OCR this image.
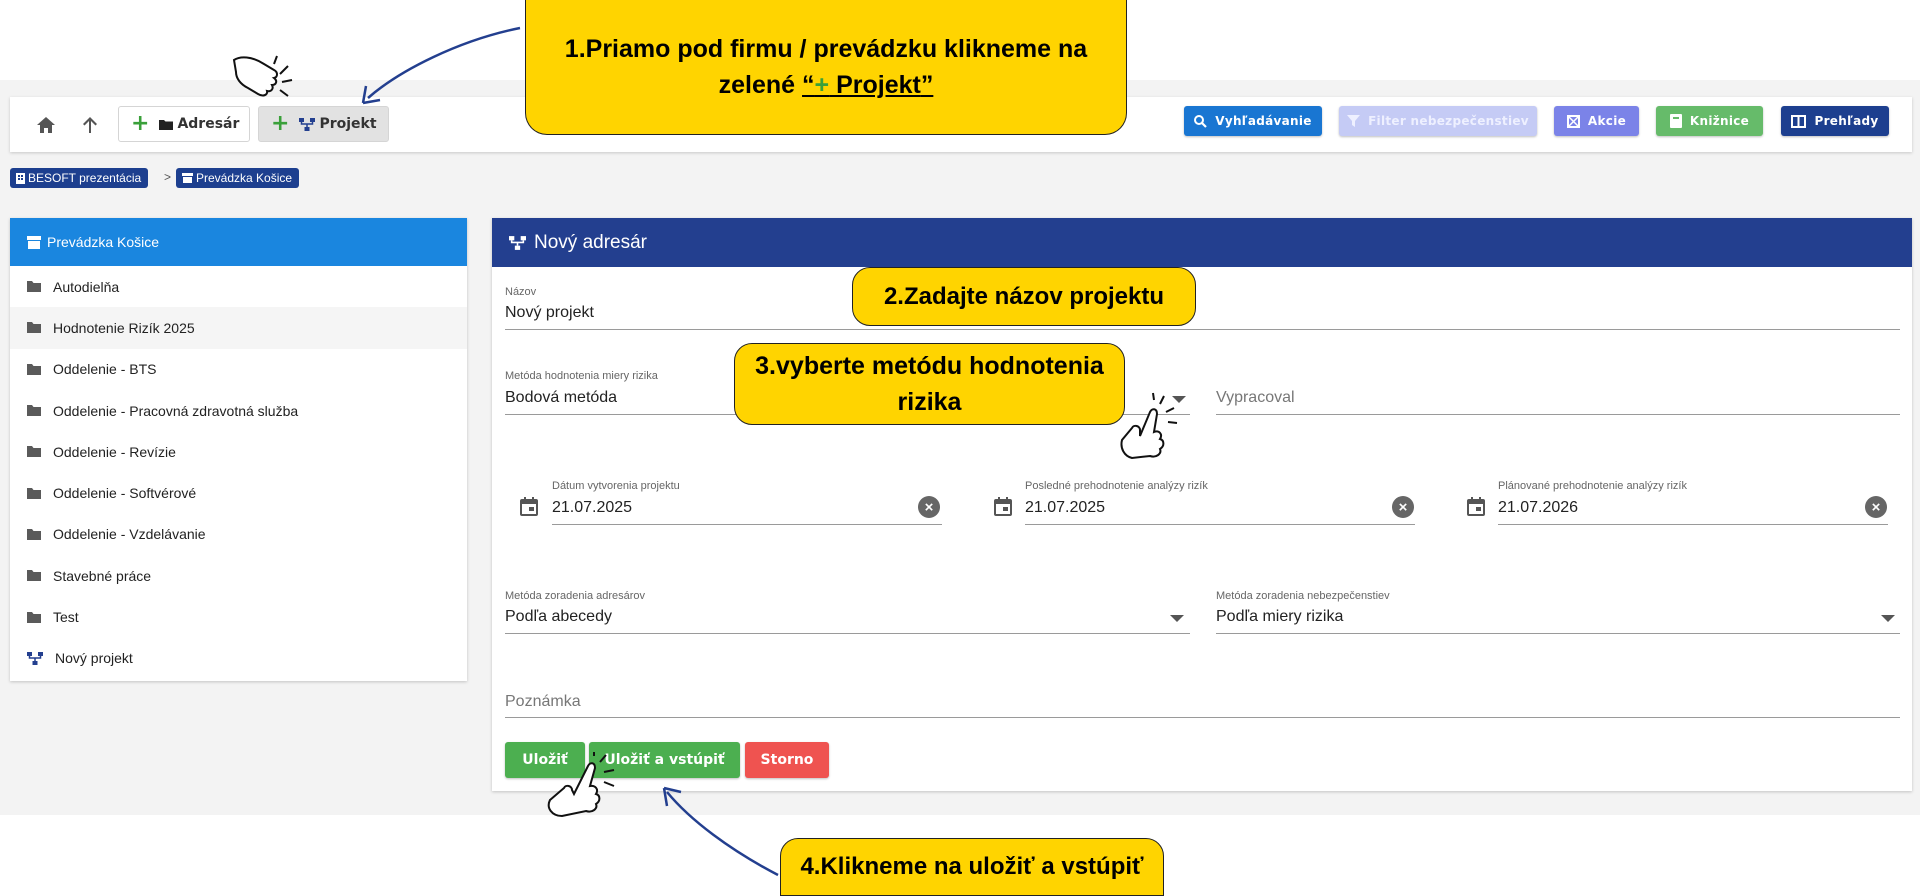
+ Adresár + Projekt	Vyhľadávanie	Filter nebezpečenstiev	Akcie	Knižnice	Prehľady
BESOFT prezentácia > Prevádzka Košice
Prevádzka Košice
Autodielňa
Hodnotenie Rizík 2025
Oddelenie - BTS
Oddelenie - Pracovná zdravotná služba
Oddelenie - Revízie
Oddelenie - Softvérové
Oddelenie - Vzdelávanie
Stavebné práce
Test
Nový projekt
Nový adresár
Názov
Nový projekt
Metóda hodnotenia miery rizika
Bodová metóda	Vypracoval
Dátum vytvorenia projektu
21.07.2025	×
Posledné prehodnotenie analýzy rizík
21.07.2025	×
Plánované prehodnotenie analýzy rizík
21.07.2026	×
Metóda zoradenia adresárov
Podľa abecedy
Metóda zoradenia nebezpečenstiev
Podľa miery rizika
Poznámka
Uložiť	Uložiť a vstúpiť	Storno
1.Priamo pod firmu / prevádzku klikneme na
zelené “+ Projekt”
2.Zadajte názov projektu
3.vyberte metódu hodnotenia
rizika
4.Klikneme na uložiť a vstúpiť
